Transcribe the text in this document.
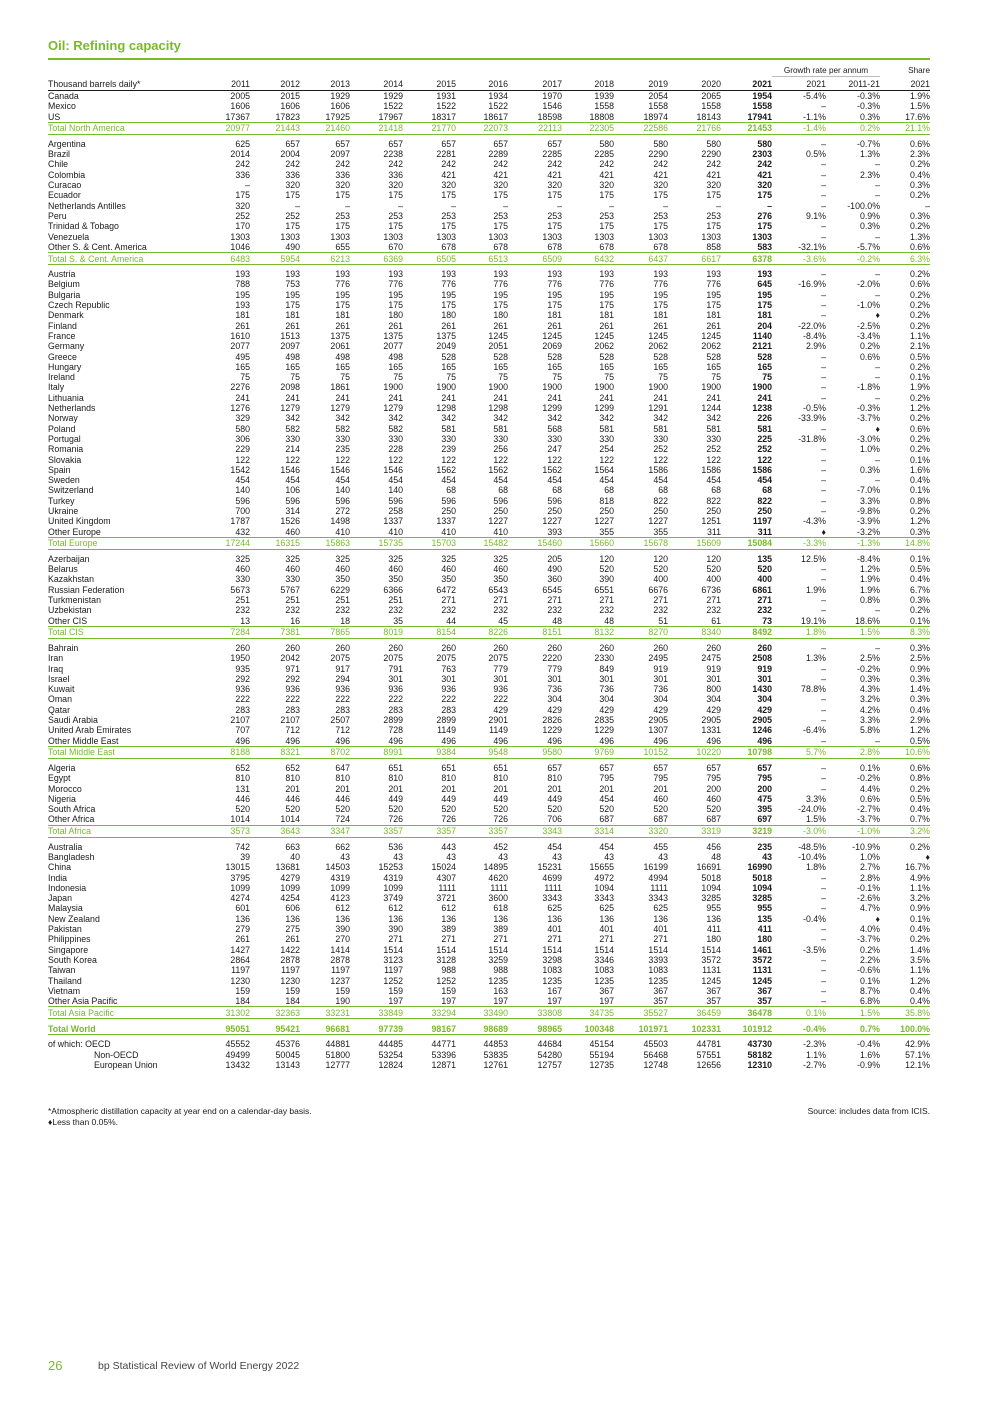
Oil: Refining capacity
												Growth rate per annum		Share
Thousand barrels daily*	2011	2012	2013	2014	2015	2016	2017	2018	2019	2020	2021	2021	2011-21	2021
Canada	2005	2015	1929	1929	1931	1934	1970	1939	2054	2065	1954	-5.4%	-0.3%	1.9%
Mexico	1606	1606	1606	1522	1522	1522	1546	1558	1558	1558	1558	–	-0.3%	1.5%
US	17367	17823	17925	17967	18317	18617	18598	18808	18974	18143	17941	-1.1%	0.3%	17.6%
Total North America	20977	21443	21460	21418	21770	22073	22113	22305	22586	21766	21453	-1.4%	0.2%	21.1%

Argentina	625	657	657	657	657	657	657	580	580	580	580	–	-0.7%	0.6%
Brazil	2014	2004	2097	2238	2281	2289	2285	2285	2290	2290	2303	0.5%	1.3%	2.3%
Chile	242	242	242	242	242	242	242	242	242	242	242	–	–	0.2%
Colombia	336	336	336	336	421	421	421	421	421	421	421	–	2.3%	0.4%
Curacao	–	320	320	320	320	320	320	320	320	320	320	–	–	0.3%
Ecuador	175	175	175	175	175	175	175	175	175	175	175	–	–	0.2%
Netherlands Antilles	320	–	–	–	–	–	–	–	–	–	–	–	-100.0%	–
Peru	252	252	253	253	253	253	253	253	253	253	276	9.1%	0.9%	0.3%
Trinidad & Tobago	170	175	175	175	175	175	175	175	175	175	175	–	0.3%	0.2%
Venezuela	1303	1303	1303	1303	1303	1303	1303	1303	1303	1303	1303	–	–	1.3%
Other S. & Cent. America	1046	490	655	670	678	678	678	678	678	858	583	-32.1%	-5.7%	0.6%
Total S. & Cent. America	6483	5954	6213	6369	6505	6513	6509	6432	6437	6617	6378	-3.6%	-0.2%	6.3%

Austria	193	193	193	193	193	193	193	193	193	193	193	–	–	0.2%
Belgium	788	753	776	776	776	776	776	776	776	776	645	-16.9%	-2.0%	0.6%
Bulgaria	195	195	195	195	195	195	195	195	195	195	195	–	–	0.2%
Czech Republic	193	175	175	175	175	175	175	175	175	175	175	–	-1.0%	0.2%
Denmark	181	181	181	180	180	180	181	181	181	181	181	–	♦	0.2%
Finland	261	261	261	261	261	261	261	261	261	261	204	-22.0%	-2.5%	0.2%
France	1610	1513	1375	1375	1375	1245	1245	1245	1245	1245	1140	-8.4%	-3.4%	1.1%
Germany	2077	2097	2061	2077	2049	2051	2069	2062	2062	2062	2121	2.9%	0.2%	2.1%
Greece	495	498	498	498	528	528	528	528	528	528	528	–	0.6%	0.5%
Hungary	165	165	165	165	165	165	165	165	165	165	165	–	–	0.2%
Ireland	75	75	75	75	75	75	75	75	75	75	75	–	–	0.1%
Italy	2276	2098	1861	1900	1900	1900	1900	1900	1900	1900	1900	–	-1.8%	1.9%
Lithuania	241	241	241	241	241	241	241	241	241	241	241	–	–	0.2%
Netherlands	1276	1279	1279	1279	1298	1298	1299	1299	1291	1244	1238	-0.5%	-0.3%	1.2%
Norway	329	342	342	342	342	342	342	342	342	342	226	-33.9%	-3.7%	0.2%
Poland	580	582	582	582	581	581	568	581	581	581	581	–	♦	0.6%
Portugal	306	330	330	330	330	330	330	330	330	330	225	-31.8%	-3.0%	0.2%
Romania	229	214	235	228	239	256	247	254	252	252	252	–	1.0%	0.2%
Slovakia	122	122	122	122	122	122	122	122	122	122	122	–	–	0.1%
Spain	1542	1546	1546	1546	1562	1562	1562	1564	1586	1586	1586	–	0.3%	1.6%
Sweden	454	454	454	454	454	454	454	454	454	454	454	–	–	0.4%
Switzerland	140	106	140	140	68	68	68	68	68	68	68	–	-7.0%	0.1%
Turkey	596	596	596	596	596	596	596	818	822	822	822	–	3.3%	0.8%
Ukraine	700	314	272	258	250	250	250	250	250	250	250	–	-9.8%	0.2%
United Kingdom	1787	1526	1498	1337	1337	1227	1227	1227	1227	1251	1197	-4.3%	-3.9%	1.2%
Other Europe	432	460	410	410	410	410	393	355	355	311	311	♦	-3.2%	0.3%
Total Europe	17244	16315	15863	15735	15703	15482	15460	15660	15678	15609	15084	-3.3%	-1.3%	14.8%

Azerbaijan	325	325	325	325	325	325	205	120	120	120	135	12.5%	-8.4%	0.1%
Belarus	460	460	460	460	460	460	490	520	520	520	520	–	1.2%	0.5%
Kazakhstan	330	330	350	350	350	350	360	390	400	400	400	–	1.9%	0.4%
Russian Federation	5673	5767	6229	6366	6472	6543	6545	6551	6676	6736	6861	1.9%	1.9%	6.7%
Turkmenistan	251	251	251	251	271	271	271	271	271	271	271	–	0.8%	0.3%
Uzbekistan	232	232	232	232	232	232	232	232	232	232	232	–	–	0.2%
Other CIS	13	16	18	35	44	45	48	48	51	61	73	19.1%	18.6%	0.1%
Total CIS	7284	7381	7865	8019	8154	8226	8151	8132	8270	8340	8492	1.8%	1.5%	8.3%

Bahrain	260	260	260	260	260	260	260	260	260	260	260	–	–	0.3%
Iran	1950	2042	2075	2075	2075	2075	2220	2330	2495	2475	2508	1.3%	2.5%	2.5%
Iraq	935	971	917	791	763	779	779	849	919	919	919	–	-0.2%	0.9%
Israel	292	292	294	301	301	301	301	301	301	301	301	–	0.3%	0.3%
Kuwait	936	936	936	936	936	936	736	736	736	800	1430	78.8%	4.3%	1.4%
Oman	222	222	222	222	222	222	304	304	304	304	304	–	3.2%	0.3%
Qatar	283	283	283	283	283	429	429	429	429	429	429	–	4.2%	0.4%
Saudi Arabia	2107	2107	2507	2899	2899	2901	2826	2835	2905	2905	2905	–	3.3%	2.9%
United Arab Emirates	707	712	712	728	1149	1149	1229	1229	1307	1331	1246	-6.4%	5.8%	1.2%
Other Middle East	496	496	496	496	496	496	496	496	496	496	496	–	–	0.5%
Total Middle East	8188	8321	8702	8991	9384	9548	9580	9769	10152	10220	10798	5.7%	2.8%	10.6%

Algeria	652	652	647	651	651	651	657	657	657	657	657	–	0.1%	0.6%
Egypt	810	810	810	810	810	810	810	795	795	795	795	–	-0.2%	0.8%
Morocco	131	201	201	201	201	201	201	201	201	200	200	–	4.4%	0.2%
Nigeria	446	446	446	449	449	449	449	454	460	460	475	3.3%	0.6%	0.5%
South Africa	520	520	520	520	520	520	520	520	520	520	395	-24.0%	-2.7%	0.4%
Other Africa	1014	1014	724	726	726	726	706	687	687	687	697	1.5%	-3.7%	0.7%
Total Africa	3573	3643	3347	3357	3357	3357	3343	3314	3320	3319	3219	-3.0%	-1.0%	3.2%

Australia	742	663	662	536	443	452	454	454	455	456	235	-48.5%	-10.9%	0.2%
Bangladesh	39	40	43	43	43	43	43	43	43	48	43	-10.4%	1.0%	♦
China	13015	13681	14503	15253	15024	14895	15231	15655	16199	16691	16990	1.8%	2.7%	16.7%
India	3795	4279	4319	4319	4307	4620	4699	4972	4994	5018	5018	–	2.8%	4.9%
Indonesia	1099	1099	1099	1099	1111	1111	1111	1094	1111	1094	1094	–	-0.1%	1.1%
Japan	4274	4254	4123	3749	3721	3600	3343	3343	3343	3285	3285	–	-2.6%	3.2%
Malaysia	601	606	612	612	612	618	625	625	625	955	955	–	4.7%	0.9%
New Zealand	136	136	136	136	136	136	136	136	136	136	135	-0.4%	♦	0.1%
Pakistan	279	275	390	390	389	389	401	401	401	411	411	–	4.0%	0.4%
Philippines	261	261	270	271	271	271	271	271	271	180	180	–	-3.7%	0.2%
Singapore	1427	1422	1414	1514	1514	1514	1514	1514	1514	1514	1461	-3.5%	0.2%	1.4%
South Korea	2864	2878	2878	3123	3128	3259	3298	3346	3393	3572	3572	–	2.2%	3.5%
Taiwan	1197	1197	1197	1197	988	988	1083	1083	1083	1131	1131	–	-0.6%	1.1%
Thailand	1230	1230	1237	1252	1252	1235	1235	1235	1235	1245	1245	–	0.1%	1.2%
Vietnam	159	159	159	159	159	163	167	367	367	367	367	–	8.7%	0.4%
Other Asia Pacific	184	184	190	197	197	197	197	197	357	357	357	–	6.8%	0.4%
Total Asia Pacific	31302	32363	33231	33849	33294	33490	33808	34735	35527	36459	36478	0.1%	1.5%	35.8%

Total World	95051	95421	96681	97739	98167	98689	98965	100348	101971	102331	101912	-0.4%	0.7%	100.0%

of which: OECD	45552	45376	44881	44485	44771	44853	44684	45154	45503	44781	43730	-2.3%	-0.4%	42.9%
Non-OECD	49499	50045	51800	53254	53396	53835	54280	55194	56468	57551	58182	1.1%	1.6%	57.1%
European Union	13432	13143	12777	12824	12871	12761	12757	12735	12748	12656	12310	-2.7%	-0.9%	12.1%
*Atmospheric distillation capacity at year end on a calendar-day basis.
♦Less than 0.05%.
Source: includes data from ICIS.
26	bp Statistical Review of World Energy 2022
